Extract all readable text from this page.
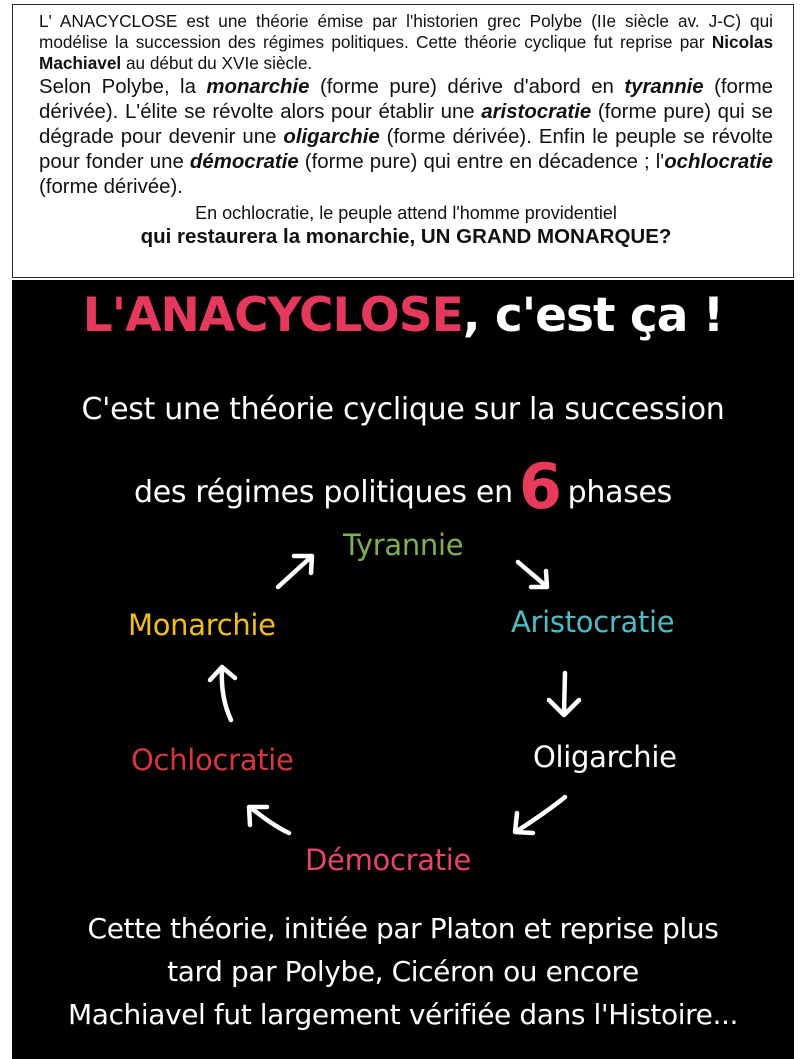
L' ANACYCLOSE est une théorie émise par l'historien grec Polybe (IIe siècle av. J-C) qui modélise la succession des régimes politiques. Cette théorie cyclique fut reprise par Nicolas Machiavel au début du XVIe siècle.

Selon Polybe, la monarchie (forme pure) dérive d'abord en tyrannie (forme dérivée). L'élite se révolte alors pour établir une aristocratie (forme pure) qui se dégrade pour devenir une oligarchie (forme dérivée). Enfin le peuple se révolte pour fonder une démocratie (forme pure) qui entre en décadence ; l'ochlocratie (forme dérivée).

En ochlocratie, le peuple attend l'homme providentiel

qui restaurera la monarchie, UN GRAND MONARQUE?

L'ANACYCLOSE, c'est ça !
C'est une théorie cyclique sur la succession
des régimes politiques en6 phases
Tyrannie
Aristocratie
Oligarchie
Démocratie
Ochlocratie
Monarchie
Cette théorie, initiée par Platon et reprise plus
tard par Polybe, Cicéron ou encore
Machiavel fut largement vérifiée dans l'Histoire...
